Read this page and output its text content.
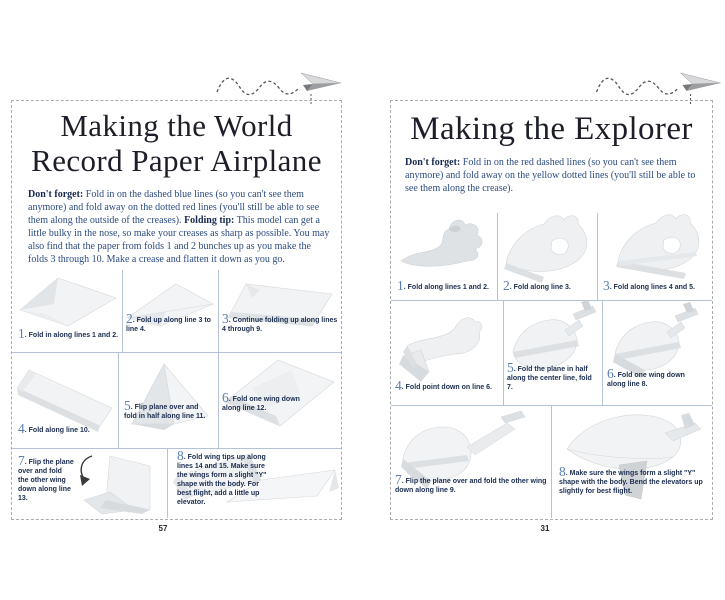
Making the World
Record Paper Airplane
Don't forget: Fold in on the dashed blue lines (so you can't see them anymore) and fold away on the dotted red lines (you'll still be able to see them along the outside of the creases). Folding tip: This model can get a little bulky in the nose, so make your creases as sharp as possible. You may also find that the paper from folds 1 and 2 bunches up as you make the folds 3 through 10. Make a crease and flatten it down as you go.
1. Fold in along lines 1 and 2.
2. Fold up along line 3 to line 4.
3. Continue folding up along lines 4 through 9.
4. Fold along line 10.
5. Flip plane over and fold in half along line 11.
6. Fold one wing down along line 12.
7. Flip the plane over and fold the other wing down along line 13.
8. Fold wing tips up along lines 14 and 15. Make sure the wings form a slight "Y" shape with the body. For best flight, add a little up elevator.
57
Making the Explorer
Don't forget: Fold in on the red dashed lines (so you can't see them anymore) and fold away on the yellow dotted lines (you'll still be able to see them along the crease).
1. Fold along lines 1 and 2.	2. Fold along line 3.	3. Fold along lines 4 and 5.
4. Fold point down on line 6.
5. Fold the plane in half along the center line, fold 7.
6. Fold one wing down along line 8.
7. Flip the plane over and fold the other wing down along line 9.
8. Make sure the wings form a slight "Y" shape with the body. Bend the elevators up slightly for best flight.
31
